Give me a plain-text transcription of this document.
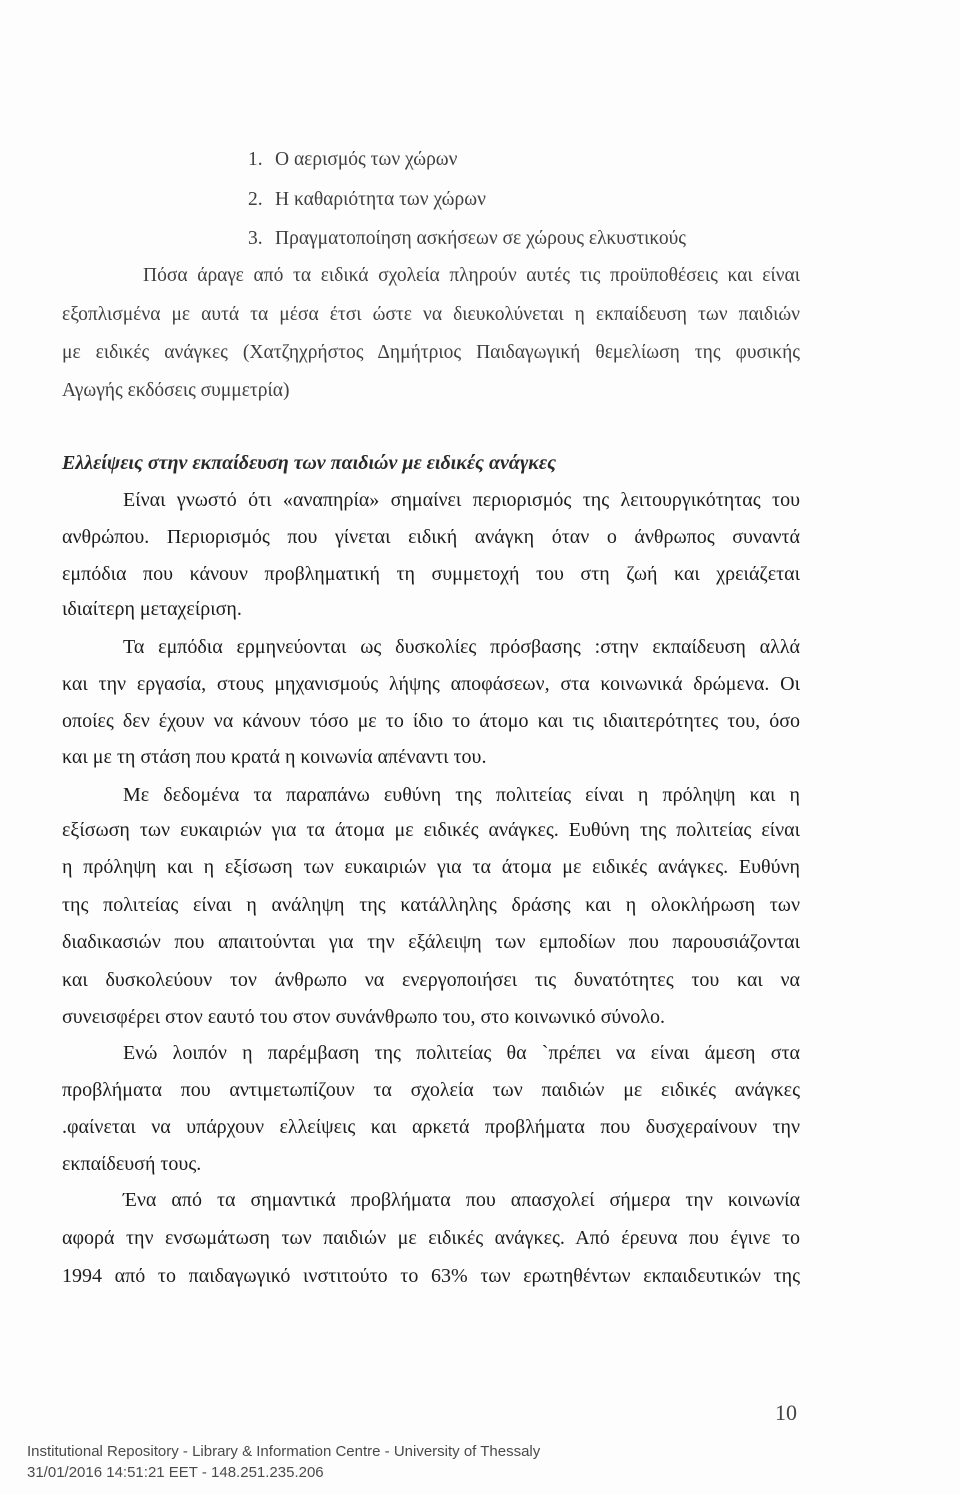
1. Ο αερισμός των χώρων
2. Η καθαριότητα των χώρων
3. Πραγματοποίηση ασκήσεων σε χώρους ελκυστικούς
Πόσα άραγε από τα ειδικά σχολεία πληρούν αυτές τις προϋποθέσεις και είναι
εξοπλισμένα με αυτά τα μέσα έτσι ώστε να διευκολύνεται η εκπαίδευση των παιδιών
με ειδικές ανάγκες (Χατζηχρήστος Δημήτριος Παιδαγωγική θεμελίωση της φυσικής
Αγωγής εκδόσεις συμμετρία)
Ελλείψεις στην εκπαίδευση των παιδιών με ειδικές ανάγκες
Είναι γνωστό ότι «αναπηρία» σημαίνει περιορισμός της λειτουργικότητας του
ανθρώπου. Περιορισμός που γίνεται ειδική ανάγκη όταν ο άνθρωπος συναντά
εμπόδια που κάνουν προβληματική τη συμμετοχή του στη ζωή και χρειάζεται
ιδιαίτερη μεταχείριση.
Τα εμπόδια ερμηνεύονται ως δυσκολίες πρόσβασης :στην εκπαίδευση αλλά
και την εργασία, στους μηχανισμούς λήψης αποφάσεων, στα κοινωνικά δρώμενα. Οι
οποίες δεν έχουν να κάνουν τόσο με το ίδιο το άτομο και τις ιδιαιτερότητες του, όσο
και με τη στάση που κρατά η κοινωνία απέναντι του.
Με δεδομένα τα παραπάνω ευθύνη της πολιτείας είναι η πρόληψη και η
εξίσωση των ευκαιριών για τα άτομα με ειδικές ανάγκες. Ευθύνη της πολιτείας είναι
η πρόληψη και η εξίσωση των ευκαιριών για τα άτομα με ειδικές ανάγκες. Ευθύνη
της πολιτείας είναι η ανάληψη της κατάλληλης δράσης και η ολοκλήρωση των
διαδικασιών που απαιτούνται για την εξάλειψη των εμποδίων που παρουσιάζονται
και δυσκολεύουν τον άνθρωπο να ενεργοποιήσει τις δυνατότητες του και να
συνεισφέρει στον εαυτό του στον συνάνθρωπο του, στο κοινωνικό σύνολο.
Ενώ λοιπόν η παρέμβαση της πολιτείας θα `πρέπει να είναι άμεση στα
προβλήματα που αντιμετωπίζουν τα σχολεία των παιδιών με ειδικές ανάγκες
.φαίνεται να υπάρχουν ελλείψεις και αρκετά προβλήματα που δυσχεραίνουν την
εκπαίδευσή τους.
Ένα από τα σημαντικά προβλήματα που απασχολεί σήμερα την κοινωνία
αφορά την ενσωμάτωση των παιδιών με ειδικές ανάγκες. Από έρευνα που έγινε το
1994 από το παιδαγωγικό ινστιτούτο το 63% των ερωτηθέντων εκπαιδευτικών της
10
Institutional Repository - Library & Information Centre - University of Thessaly
31/01/2016 14:51:21 EET - 148.251.235.206
